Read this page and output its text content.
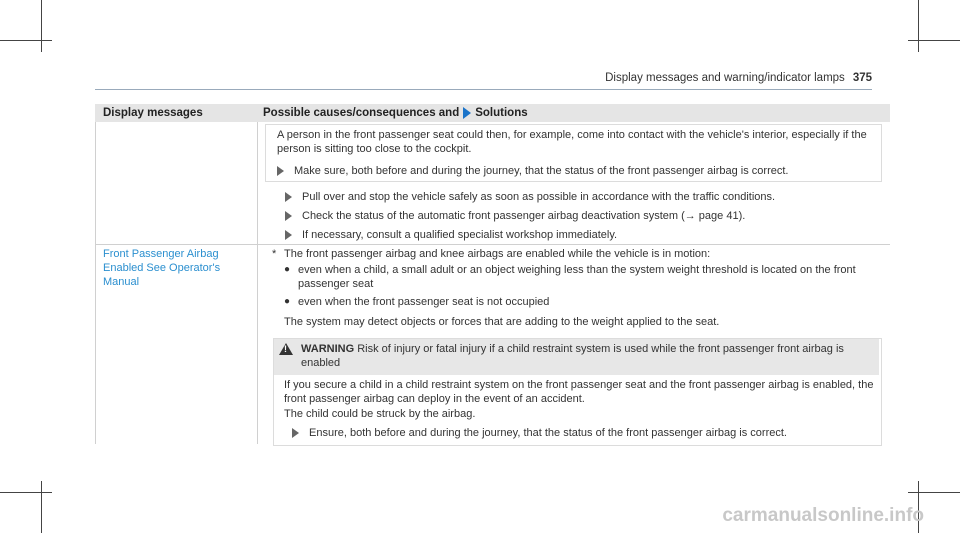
Display messages and warning/indicator lamps 375
Display messages	Possible causes/consequences and Solutions
A person in the front passenger seat could then, for example, come into contact with the vehicle's interior, especially if the person is sitting too close to the cockpit.
Make sure, both before and during the journey, that the status of the front passenger airbag is correct.
Pull over and stop the vehicle safely as soon as possible in accordance with the traffic conditions.
Check the status of the automatic front passenger airbag deactivation system (→ page 41).
If necessary, consult a qualified specialist workshop immediately.
Front Passenger Airbag Enabled See Operator's Manual
* The front passenger airbag and knee airbags are enabled while the vehicle is in motion:
● even when a child, a small adult or an object weighing less than the system weight threshold is located on the front passenger seat
● even when the front passenger seat is not occupied
The system may detect objects or forces that are adding to the weight applied to the seat.
!
WARNING Risk of injury or fatal injury if a child restraint system is used while the front passenger front airbag is enabled
If you secure a child in a child restraint system on the front passenger seat and the front passenger airbag is enabled, the front passenger airbag can deploy in the event of an accident.
The child could be struck by the airbag.
Ensure, both before and during the journey, that the status of the front passenger airbag is correct.
carmanualsonline.info
